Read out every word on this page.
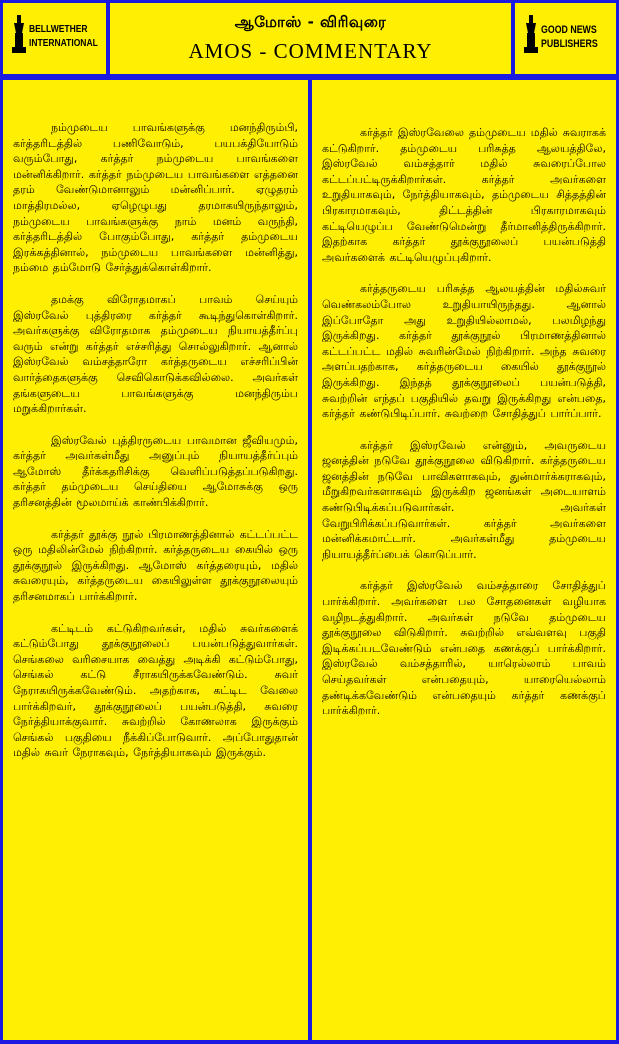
BELLWETHER
INTERNATIONAL
ஆமோஸ் - விரிவுரை
AMOS - COMMENTARY
GOOD NEWS
PUBLISHERS

நம்முடைய பாவங்களுக்கு மனந்திரும்பி, கர்த்தரிடத்தில் பணிவோடும், பயபக்தியோடும் வரும்போது, கர்த்தர் நம்முடைய பாவங்களை மன்னிக்கிறார். கர்த்தர் நம்முடைய பாவங்களை எத்தனை தரம் வேண்டுமானாலும் மன்னிப்பார். ஏழுதரம் மாத்திரமல்ல, ஏழெழுபது தரமாகயிருந்தாலும், நம்முடைய பாவங்களுக்கு நாம் மனம் வருந்தி, கர்த்தரிடத்தில் போகும்போது, கர்த்தர் தம்முடைய இரக்கத்தினால், நம்முடைய பாவங்களை மன்னித்து, நம்மை தம்மோடு சேர்த்துக்கொள்கிறார்.

தமக்கு விரோதமாகப் பாவம் செய்யும் இஸ்ரவேல் புத்திரரை கர்த்தர் கூடிந்துகொள்கிறார். அவர்களுக்கு விரோதமாக தம்முடைய நியாயத்தீர்ப்பு வரும் என்று கர்த்தர் எச்சரித்து சொல்லுகிறார். ஆனால் இஸ்ரவேல் வம்சத்தாரோ கர்த்தருடைய எச்சரிப்பின் வார்த்தைகளுக்கு செவிகொடுக்கவில்லை. அவர்கள் தங்களுடைய பாவங்களுக்கு மனந்திரும்ப மறுக்கிறார்கள்.

இஸ்ரவேல் புத்திரருடைய பாவமான ஜீவியமும், கர்த்தர் அவர்கள்மீது அனுப்பும் நியாயத்தீர்ப்பும் ஆமோஸ் தீர்க்கதரிசிக்கு வெளிப்படுத்தப்படுகிறது. கர்த்தர் தம்முடைய செய்தியை ஆமோசுக்கு ஒரு தரிசனத்தின் மூலமாய்க் காண்பிக்கிறார்.

கர்த்தர் தூக்கு நூல் பிரமாணத்தினால் கட்டப்பட்ட ஒரு மதிலின்மேல் நிற்கிறார். கர்த்தருடைய கையில் ஒரு தூக்குநூல் இருக்கிறது. ஆமோஸ் கர்த்தரையும், மதில் சுவரையும், கர்த்தருடைய கையிலுள்ள தூக்குநூலையும் தரிசனமாகப் பார்க்கிறார்.

கட்டிடம் கட்டுகிறவர்கள், மதில் சுவர்களைக் கட்டும்போது தூக்குநூலைப் பயன்படுத்துவார்கள். செங்கலை வரிசையாக வைத்து அடிக்கி கட்டும்போது, செங்கல் கட்டு சீராகயிருக்கவேண்டும். சுவர் நேராகயிருக்கவேண்டும். அதற்காக, கட்டிட வேலை பார்க்கிறவர், தூக்குநூலைப் பயன்படுத்தி, சுவரை நேர்த்தியாக்குவார். சுவற்றில் கோணலாக இருக்கும் செங்கல் பகுதியை நீக்கிப்போடுவார். அப்போதுதான் மதில் சுவர் நேராகவும், நேர்த்தியாகவும் இருக்கும்.

கர்த்தர் இஸ்ரவேலை தம்முடைய மதில் சுவராகக் கட்டுகிறார். தம்முடைய பரிசுத்த ஆலயத்திலே, இஸ்ரவேல் வம்சத்தார் மதில் சுவரைப்போல கட்டப்பட்டிருக்கிறார்கள். கர்த்தர் அவர்களை உறுதியாகவும், நேர்த்தியாகவும், தம்முடைய சித்தத்தின் பிரகாரமாகவும், திட்டத்தின் பிரகாரமாகவும் கட்டியெழுப்ப வேண்டுமென்று தீர்மானித்திருக்கிறார். இதற்காக கர்த்தர் தூக்குநூலைப் பயன்படுத்தி அவர்களைக் கட்டியெழுப்புகிறார்.

கர்த்தருடைய பரிசுத்த ஆலயத்தின் மதில்சுவர் வெண்கலம்போல உறுதியாயிருந்தது. ஆனால் இப்போதோ அது உறுதியில்லாமல், பலமிழந்து இருக்கிறது. கர்த்தர் தூக்குநூல் பிரமாணத்தினால் கட்டப்பட்ட மதில் சுவரின்மேல் நிற்கிறார். அந்த சுவரை அளப்பதற்காக, கர்த்தருடைய கையில் தூக்குநூல் இருக்கிறது. இந்தத் தூக்குநூலைப் பயன்படுத்தி, சுவற்றின் எந்தப் பகுதியில் தவறு இருக்கிறது என்பதை, கர்த்தர் கண்டுபிடிப்பார். சுவற்றை சோதித்துப் பார்ப்பார்.

கர்த்தர் இஸ்ரவேல் என்னும், அவருடைய ஜனத்தின் நடுவே தூக்குநூலை விடுகிறார். கர்த்தருடைய ஜனத்தின் நடுவே பாவிகளாகவும், துன்மார்க்கராகவும், மீறுகிறவர்களாகவும் இருக்கிற ஜனங்கள் அடையாளம் கண்டுபிடிக்கப்படுவார்கள். அவர்கள் வேறுபிரிக்கப்படுவார்கள். கர்த்தர் அவர்களை மன்னிக்கமாட்டார். அவர்கள்மீது தம்முடைய நியாயத்தீர்ப்பைக் கொடுப்பார்.

கர்த்தர் இஸ்ரவேல் வம்சத்தாரை சோதித்துப் பார்க்கிறார். அவர்களை பல சோதனைகள் வழியாக வழிநடத்துகிறார். அவர்கள் நடுவே தம்முடைய தூக்குநூலை விடுகிறார். சுவற்றில் எவ்வளவு பகுதி இடிக்கப்படவேண்டும் என்பதை கணக்குப் பார்க்கிறார். இஸ்ரவேல் வம்சத்தாரில், யாரெல்லாம் பாவம் செய்தவர்கள் என்பதையும், யாரையெல்லாம் தண்டிக்கவேண்டும் என்பதையும் கர்த்தர் கணக்குப் பார்க்கிறார்.
